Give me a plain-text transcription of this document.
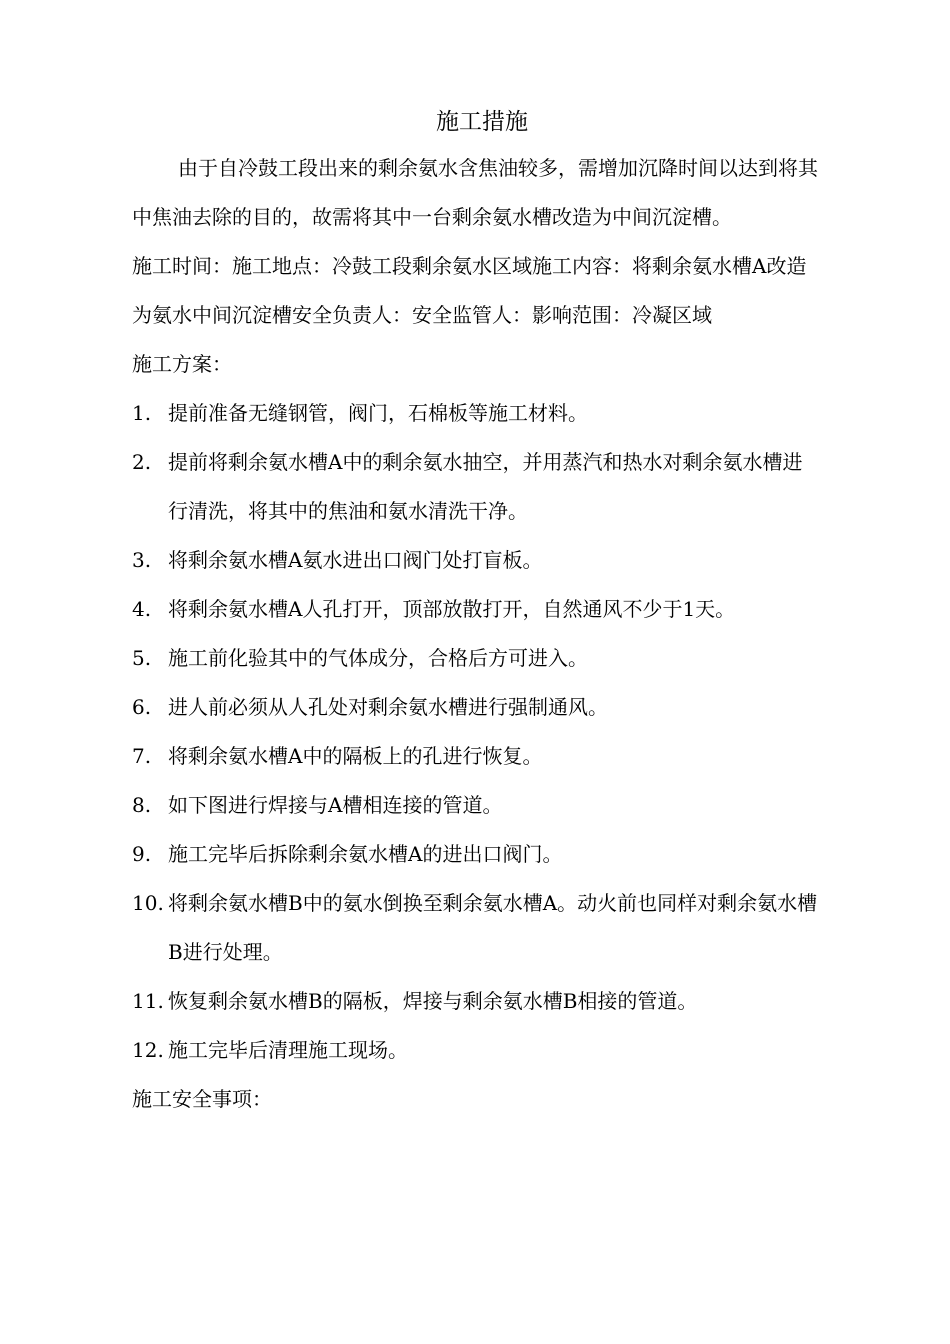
施工措施

由于自冷鼓工段出来的剩余氨水含焦油较多，需增加沉降时间以达到将其中焦油去除的目的，故需将其中一台剩余氨水槽改造为中间沉淀槽。

施工时间：施工地点：冷鼓工段剩余氨水区域施工内容：将剩余氨水槽A改造为氨水中间沉淀槽安全负责人：安全监管人：影响范围：冷凝区域

施工方案：

1. 提前准备无缝钢管，阀门，石棉板等施工材料。
2. 提前将剩余氨水槽A中的剩余氨水抽空，并用蒸汽和热水对剩余氨水槽进行清洗，将其中的焦油和氨水清洗干净。
3. 将剩余氨水槽A氨水进出口阀门处打盲板。
4. 将剩余氨水槽A人孔打开，顶部放散打开，自然通风不少于1天。
5. 施工前化验其中的气体成分，合格后方可进入。
6. 进人前必须从人孔处对剩余氨水槽进行强制通风。
7. 将剩余氨水槽A中的隔板上的孔进行恢复。
8. 如下图进行焊接与A槽相连接的管道。
9. 施工完毕后拆除剩余氨水槽A的进出口阀门。
10. 将剩余氨水槽B中的氨水倒换至剩余氨水槽A。动火前也同样对剩余氨水槽B进行处理。
11. 恢复剩余氨水槽B的隔板，焊接与剩余氨水槽B相接的管道。
12. 施工完毕后清理施工现场。

施工安全事项：
